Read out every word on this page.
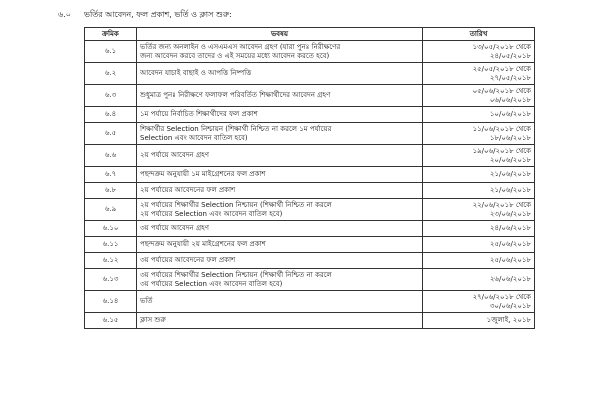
৬.০ ভর্তির আবেদন, ফল প্রকাশ, ভর্তি ও ক্লাস শুরু:
ক্রমিক	ভবষয়	তারিখ
৬.১	ভর্তির জন্য অনলাইন ও এসএমএস আবেদন গ্রহণ (যারা পুনঃ নিরীক্ষণের
জন্য আবেদন করবে তাদের ও এই সময়ের মধ্যে আবেদন করতে হবে)	১৩/০৫/২০১৮ থেকে
২৪/০৫/২০১৮

৬.২	আবেদন যাচাই বাছাই ও আপত্তি নিষ্পত্তি	২৫/০৫/২০১৮ থেকে
২৭/০৫/২০১৮

৬.৩	শুধুমাত্র পুনঃ নিরীক্ষণে ফলাফল পরিবর্তিত শিক্ষার্থীদের আবেদন গ্রহণ	০৫/০৬/২০১৮ থেকে
০৬/০৬/২০১৮

৬.৪	১ম পর্যায়ে নির্বাচিত শিক্ষার্থীদের ফল প্রকাশ	১০/০৬/২০১৮

৬.৫	শিক্ষার্থীর Selection নিশ্চায়ন (শিক্ষার্থী নিশ্চিত না করলে ১ম পর্যায়ের
Selection এবং আবেদন বাতিল হবে)	১১/০৬/২০১৮ থেকে
১৮/০৬/২০১৮

৬.৬	২য় পর্যায়ে আবেদন গ্রহণ	১৯/০৬/২০১৮ থেকে
২০/০৬/২০১৮

৬.৭	পছন্দক্রম অনুযায়ী ১ম মাইগ্রেশনের ফল প্রকাশ	২১/০৬/২০১৮

৬.৮	২য় পর্যায়ের আবেদনের ফল প্রকাশ	২১/০৬/২০১৮

৬.৯	২য় পর্যায়ের শিক্ষার্থীর Selection নিশ্চায়ন (শিক্ষার্থী নিশ্চিত না করলে
২য় পর্যায়ের Selection এবং আবেদন বাতিল হবে)	২২/০৬/২০১৮ থেকে
২৩/০৬/২০১৮

৬.১০	৩য় পর্যায়ে আবেদন গ্রহণ	২৪/০৬/২০১৮

৬.১১	পছন্দক্রম অনুযায়ী ২য় মাইগ্রেশনের ফল প্রকাশ	২৫/০৬/২০১৮

৬.১২	৩য় পর্যায়ের আবেদনের ফল প্রকাশ	২৫/০৬/২০১৮

৬.১৩	৩য় পর্যায়ের শিক্ষার্থীর Selection নিশ্চায়ন (শিক্ষার্থী নিশ্চিত না করলে
৩য় পর্যায়ের Selection এবং আবেদন বাতিল হবে)	২৬/০৬/২০১৮

৬.১৪	ভর্তি	২৭/০৬/২০১৮ থেকে
৩০/০৬/২০১৮

৬.১৫	ক্লাস শুরু	১জুলাই, ২০১৮
